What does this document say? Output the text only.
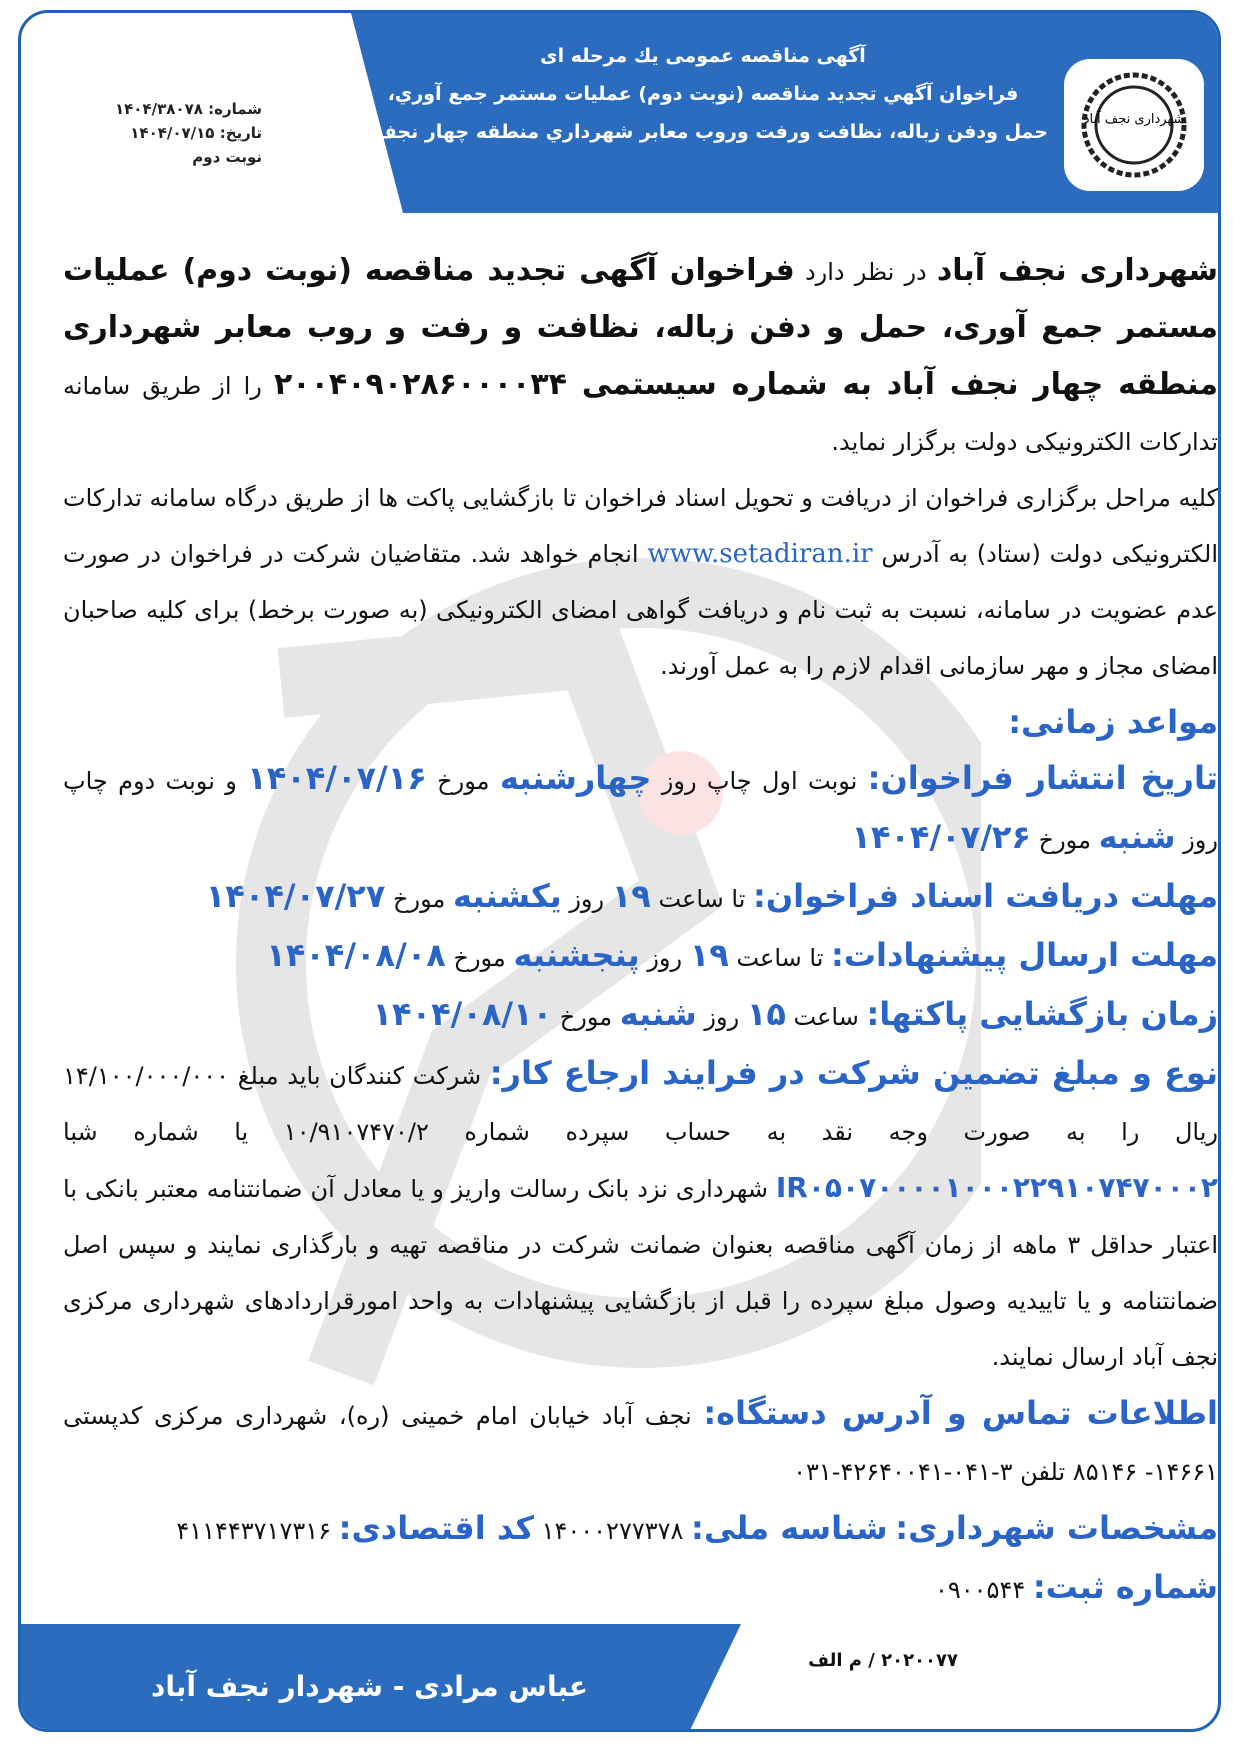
آگهی مناقصه عمومی یك مرحله ای
فراخوان آگهي تجديد مناقصه (نوبت دوم) عمليات مستمر جمع آوري،
حمل ودفن زباله، نظافت ورفت وروب معابر شهرداري منطقه چهار نجف آباد
شهرداری نجف آباد
شماره: ۱۴۰۴/۳۸۰۷۸
تاریخ: ۱۴۰۴/۰۷/۱۵
نوبت دوم

شهرداری نجف آباد در نظر دارد فراخوان آگهی تجدید مناقصه (نوبت دوم) عملیات مستمر جمع آوری، حمل و دفن زباله، نظافت و رفت و روب معابر شهرداری منطقه چهار نجف آباد به شماره سیستمی ۲۰۰۴۰۹۰۲۸۶۰۰۰۰۳۴ را از طریق سامانه تدارکات الکترونیکی دولت برگزار نماید.

کلیه مراحل برگزاری فراخوان از دریافت و تحویل اسناد فراخوان تا بازگشایی پاکت ها از طریق درگاه سامانه تدارکات الکترونیکی دولت (ستاد) به آدرس www.setadiran.ir انجام خواهد شد. متقاضیان شرکت در فراخوان در صورت عدم عضویت در سامانه، نسبت به ثبت نام و دریافت گواهی امضای الکترونیکی (به صورت برخط) برای کلیه صاحبان امضای مجاز و مهر سازمانی اقدام لازم را به عمل آورند.

مواعد زمانی:

تاریخ انتشار فراخوان: نوبت اول چاپ روز چهارشنبه مورخ ۱۴۰۴/۰۷/۱۶ و نوبت دوم چاپ روز شنبه مورخ ۱۴۰۴/۰۷/۲۶

مهلت دریافت اسناد فراخوان: تا ساعت ۱۹ روز یکشنبه مورخ ۱۴۰۴/۰۷/۲۷

مهلت ارسال پیشنهادات: تا ساعت ۱۹ روز پنجشنبه مورخ ۱۴۰۴/۰۸/۰۸

زمان بازگشایی پاکتها: ساعت ۱۵ روز شنبه مورخ ۱۴۰۴/۰۸/۱۰

نوع و مبلغ تضمین شرکت در فرایند ارجاع کار: شرکت کنندگان باید مبلغ ۱۴/۱۰۰/۰۰۰/۰۰۰ ریال را به صورت وجه نقد به حساب سپرده شماره ۱۰/۹۱۰۷۴۷۰/۲ یا شماره شبا IR۰۵۰۷۰۰۰۰۱۰۰۰۲۲۹۱۰۷۴۷۰۰۰۲ شهرداری نزد بانک رسالت واریز و یا معادل آن ضمانتنامه معتبر بانکی با اعتبار حداقل ۳ ماهه از زمان آگهی مناقصه بعنوان ضمانت شرکت در مناقصه تهیه و بارگذاری نمایند و سپس اصل ضمانتنامه و یا تاییدیه وصول مبلغ سپرده را قبل از بازگشایی پیشنهادات به واحد امورقراردادهای شهرداری مرکزی نجف آباد ارسال نمایند.

اطلاعات تماس و آدرس دستگاه: نجف آباد خیابان امام خمینی (ره)، شهرداری مرکزی کدپستی ۱۴۶۶۱- ۸۵۱۴۶ تلفن ۳-۰۴۱-۴۲۶۴۰۰۴۱-۰۳۱

مشخصات شهرداری: شناسه ملی: ۱۴۰۰۰۲۷۷۳۷۸ کد اقتصادی: ۴۱۱۴۴۳۷۱۷۳۱۶

شماره ثبت: ۰۹۰۰۵۴۴

عباس مرادی - شهردار نجف آباد
۲۰۲۰۰۷۷ / م الف
